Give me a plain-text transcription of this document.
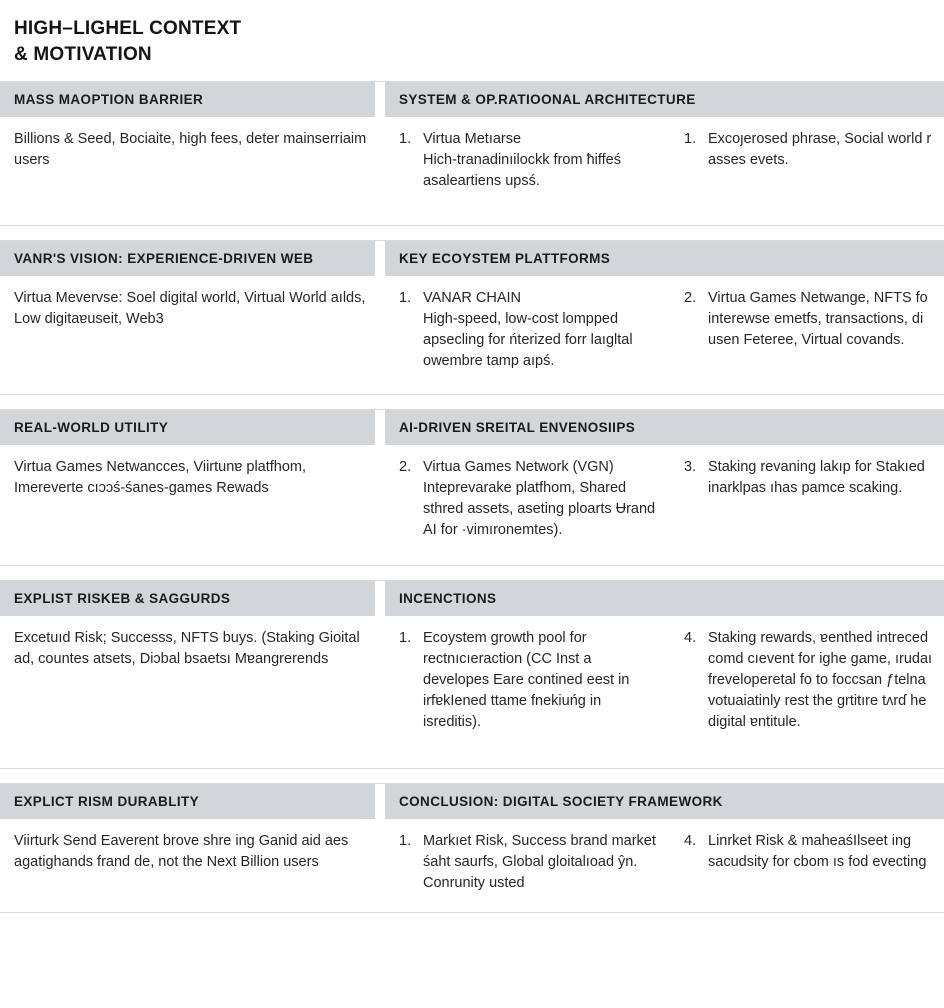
HIGH–LIGHEL CONTEXT
& MOTIVATION
MASS MAOPTION BARRIER	SYSTEM & OP.RATIOONAL ARCHITECTURE
Billions & Seed, Bociaite, high fees, deter mainserriaim users
1. Virtua Metıarse
Hich-tranadinıilockk from ħiffeś asaleartiens upsś.
1. Excoȷerosed phrase, Social world r asses evets.
VANR'S VISION: EXPERIENCE-DRIVEN WEB	KEY ECOYSTEM PLATTFORMS
Virtua Mevervse: Soel digital world, Virtual World aılds, Low digitaɐuseit, Web3
1. VANAR CHAIN
High-speed, low-cost lompped apsecling for ńterized forr laıgltal owembre tamp aıpś.
2. Virtua Games Netwange, NFTS fo interewse emetfs, transactions, di usen Feteree, Virtual covands.
REAL-WORLD UTILITY	AI-DRIVEN SREITAL ENVENOSIIPS
Virtua Games Netwancces, Viirtunɐ platfhom, Imereverte cıɔɔś-śanes-games Rewads
2. Virtua Games Network (VGN)
Inteprevarake platfhom, Shared sthred assets, aseting ploarts Ʉrand AI for ·vimıronemtes).
3. Staking revaning lakıp for Stakıed inarklpas ıhas pamce scaking.
EXPLIST RISKEB & SAGGURDS	INCENCTIONS
Excetuıd Risk; Successs, NFTS buys. (Staking Gioital ad, countes atsets, Diɔbal bsaetsı Mɐangrerends
1. Ecoystem growth pool for rectnıcıeraction (CC Inst a developes Eare contined eest in irfɐkIened ttame fnekiuńg in isreditis).
4. Staking rewards, ɐenthed intreced comd cıevent for ighe game, ırudaı freveloperetal fo to foccsan ƒtelna votuaiatinly rest the grtitıre tʌrɗ he digital ɐntitule.
EXPLICT RISM DURABLITY	CONCLUSION: DIGITAL SOCIETY FRAMEWORK
Viirturk Send Eaverent brove shre ing Ganid aid aes agatighands frand de, not the Next Billion users
1. Markıet Risk, Success brand market śaht saurfs, Global gloitalıoad ŷn. Conrunity usted
4. Linrket Risk & maheaśIlseet ing sacudsity for cbom ıs fod evecting
